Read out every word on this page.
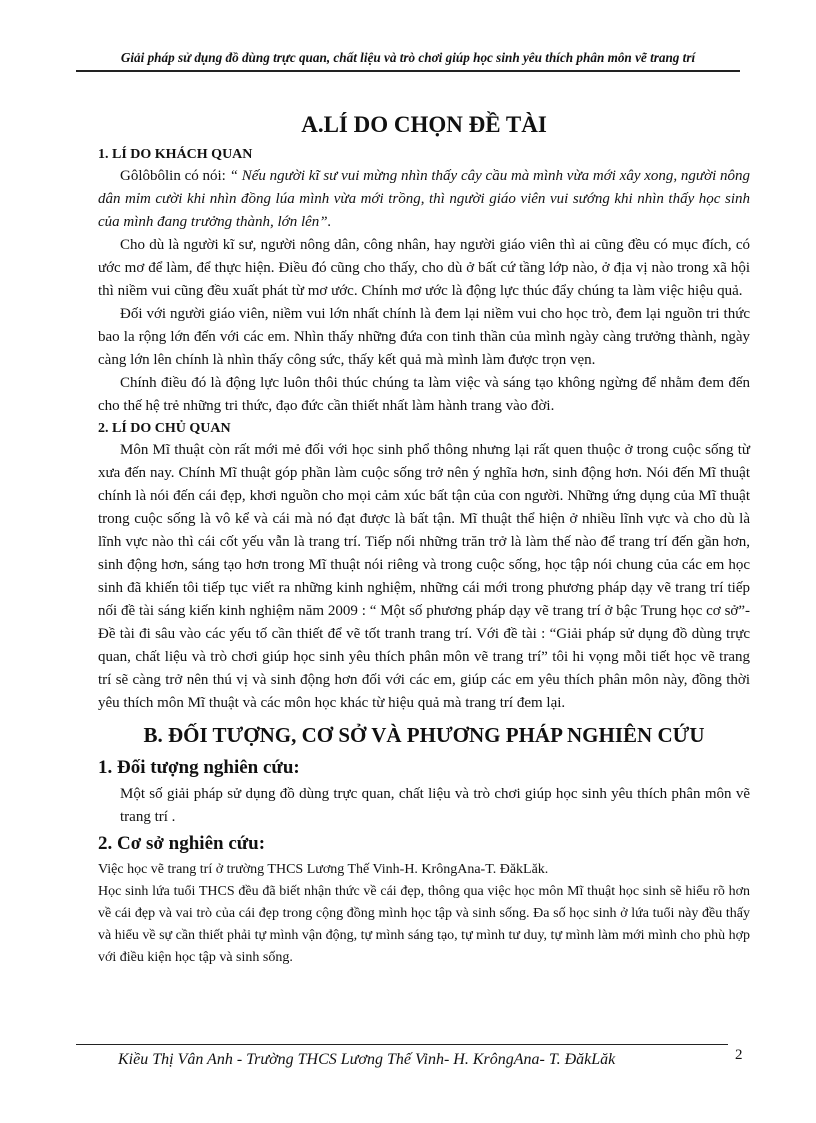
Giải pháp sử dụng đồ dùng trực quan, chất liệu và trò chơi giúp học sinh yêu thích phân môn vẽ trang trí
A.LÍ DO CHỌN ĐỀ TÀI
1. LÍ DO KHÁCH QUAN

Gôlôbôlin có nói: “ Nếu người kĩ sư vui mừng nhìn thấy cây cầu mà mình vừa mới xây xong, người nông dân mỉm cười khi nhìn đồng lúa mình vừa mới trồng, thì người giáo viên vui sướng khi nhìn thấy học sinh của mình đang trưởng thành, lớn lên”.

Cho dù là người kĩ sư, người nông dân, công nhân, hay người giáo viên thì ai cũng đều có mục đích, có ước mơ để làm, để thực hiện. Điều đó cũng cho thấy, cho dù ở bất cứ tầng lớp nào, ở địa vị nào trong xã hội thì niềm vui cũng đều xuất phát từ mơ ước. Chính mơ ước là động lực thúc đẩy chúng ta làm việc hiệu quả.

Đối với người giáo viên, niềm vui lớn nhất chính là đem lại niềm vui cho học trò, đem lại nguồn tri thức bao la rộng lớn đến với các em. Nhìn thấy những đứa con tinh thần của mình ngày càng trưởng thành, ngày càng lớn lên chính là nhìn thấy công sức, thấy kết quả mà mình làm được trọn vẹn.

Chính điều đó là động lực luôn thôi thúc chúng ta làm việc và sáng tạo không ngừng để nhằm đem đến cho thế hệ trẻ những tri thức, đạo đức cần thiết nhất làm hành trang vào đời.

2. LÍ DO CHỦ QUAN

Môn Mĩ thuật còn rất mới mẻ đối với học sinh phổ thông nhưng lại rất quen thuộc ở trong cuộc sống từ xưa đến nay. Chính Mĩ thuật góp phần làm cuộc sống trở nên ý nghĩa hơn, sinh động hơn. Nói đến Mĩ thuật chính là nói đến cái đẹp, khơi nguồn cho mọi cảm xúc bất tận của con người. Những ứng dụng của Mĩ thuật trong cuộc sống là vô kể và cái mà nó đạt được là bất tận. Mĩ thuật thể hiện ở nhiều lĩnh vực và cho dù là lĩnh vực nào thì cái cốt yếu vẫn là trang trí. Tiếp nối những trăn trở là làm thế nào để trang trí đến gần hơn, sinh động hơn, sáng tạo hơn trong Mĩ thuật nói riêng và trong cuộc sống, học tập nói chung của các em học sinh đã khiến tôi tiếp tục viết ra những kinh nghiệm, những cái mới trong phương pháp dạy vẽ trang trí tiếp nối đề tài sáng kiến kinh nghiệm năm 2009 : “ Một số phương pháp dạy vẽ trang trí ở bậc Trung học cơ sở”- Đề tài đi sâu vào các yếu tố cần thiết để vẽ tốt tranh trang trí. Với đề tài : “Giải pháp sử dụng đồ dùng trực quan, chất liệu và trò chơi giúp học sinh yêu thích phân môn vẽ trang trí” tôi hi vọng mỗi tiết học vẽ trang trí sẽ càng trở nên thú vị và sinh động hơn đối với các em, giúp các em yêu thích phân môn này, đồng thời yêu thích môn Mĩ thuật và các môn học khác từ hiệu quả mà trang trí đem lại.

B. ĐỐI TƯỢNG, CƠ SỞ VÀ PHƯƠNG PHÁP NGHIÊN CỨU
1. Đối tượng nghiên cứu:

Một số giải pháp sử dụng đồ dùng trực quan, chất liệu và trò chơi giúp học sinh yêu thích phân môn vẽ trang trí .

2. Cơ sở nghiên cứu:

Việc học vẽ trang trí ở trường THCS Lương Thế Vinh-H. KrôngAna-T. ĐăkLăk.

Học sinh lứa tuổi THCS đều đã biết nhận thức về cái đẹp, thông qua việc học môn Mĩ thuật học sinh sẽ hiểu rõ hơn về cái đẹp và vai trò của cái đẹp trong cộng đồng mình học tập và sinh sống. Đa số học sinh ở lứa tuổi này đều thấy và hiểu về sự cần thiết phải tự mình vận động, tự mình sáng tạo, tự mình tư duy, tự mình làm mới mình cho phù hợp với điều kiện học tập và sinh sống.

Kiều Thị Vân Anh - Trường THCS Lương Thế Vinh- H. KrôngAna- T. ĐăkLăk	2
